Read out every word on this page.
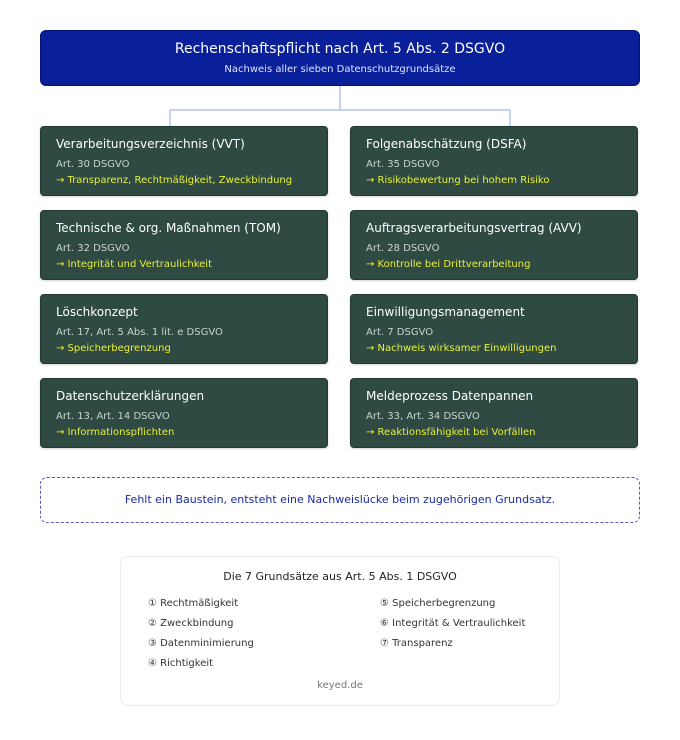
Rechenschaftspflicht nach Art. 5 Abs. 2 DSGVO
Nachweis aller sieben Datenschutzgrundsätze
Verarbeitungsverzeichnis (VVT)
Art. 30 DSGVO
→ Transparenz, Rechtmäßigkeit, Zweckbindung
Folgenabschätzung (DSFA)
Art. 35 DSGVO
→ Risikobewertung bei hohem Risiko
Technische & org. Maßnahmen (TOM)
Art. 32 DSGVO
→ Integrität und Vertraulichkeit
Auftragsverarbeitungsvertrag (AVV)
Art. 28 DSGVO
→ Kontrolle bei Drittverarbeitung
Löschkonzept
Art. 17, Art. 5 Abs. 1 lit. e DSGVO
→ Speicherbegrenzung
Einwilligungsmanagement
Art. 7 DSGVO
→ Nachweis wirksamer Einwilligungen
Datenschutzerklärungen
Art. 13, Art. 14 DSGVO
→ Informationspflichten
Meldeprozess Datenpannen
Art. 33, Art. 34 DSGVO
→ Reaktionsfähigkeit bei Vorfällen
Fehlt ein Baustein, entsteht eine Nachweislücke beim zugehörigen Grundsatz.
Die 7 Grundsätze aus Art. 5 Abs. 1 DSGVO
① Rechtmäßigkeit
② Zweckbindung
③ Datenminimierung
④ Richtigkeit
⑤ Speicherbegrenzung
⑥ Integrität & Vertraulichkeit
⑦ Transparenz
keyed.de
